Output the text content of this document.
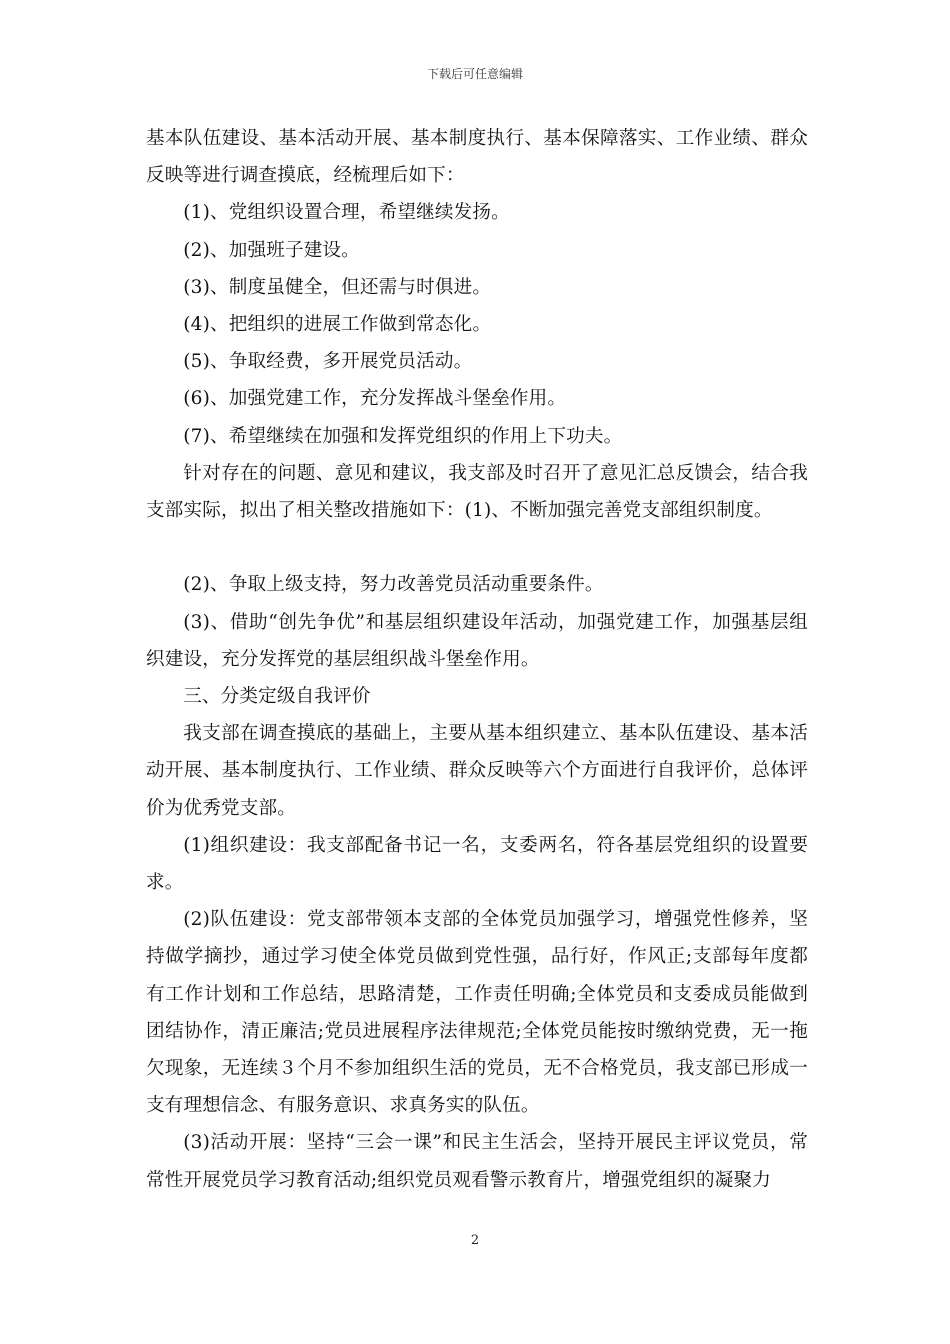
下载后可任意编辑

基本队伍建设、基本活动开展、基本制度执行、基本保障落实、工作业绩、群众反映等进行调查摸底，经梳理后如下：

(1)、党组织设置合理，希望继续发扬。

(2)、加强班子建设。

(3)、制度虽健全，但还需与时俱进。

(4)、把组织的进展工作做到常态化。

(5)、争取经费，多开展党员活动。

(6)、加强党建工作，充分发挥战斗堡垒作用。

(7)、希望继续在加强和发挥党组织的作用上下功夫。

针对存在的问题、意见和建议，我支部及时召开了意见汇总反馈会，结合我支部实际，拟出了相关整改措施如下：(1)、不断加强完善党支部组织制度。

(2)、争取上级支持，努力改善党员活动重要条件。

(3)、借助“创先争优”和基层组织建设年活动，加强党建工作，加强基层组织建设，充分发挥党的基层组织战斗堡垒作用。

三、分类定级自我评价

我支部在调查摸底的基础上，主要从基本组织建立、基本队伍建设、基本活动开展、基本制度执行、工作业绩、群众反映等六个方面进行自我评价，总体评价为优秀党支部。

(1)组织建设：我支部配备书记一名，支委两名，符各基层党组织的设置要求。

(2)队伍建设：党支部带领本支部的全体党员加强学习，增强党性修养，坚持做学摘抄，通过学习使全体党员做到党性强，品行好，作风正;支部每年度都有工作计划和工作总结，思路清楚，工作责任明确;全体党员和支委成员能做到团结协作，清正廉洁;党员进展程序法律规范;全体党员能按时缴纳党费，无一拖欠现象，无连续３个月不参加组织生活的党员，无不合格党员，我支部已形成一支有理想信念、有服务意识、求真务实的队伍。

(3)活动开展：坚持“三会一课”和民主生活会，坚持开展民主评议党员，常常性开展党员学习教育活动;组织党员观看警示教育片，增强党组织的凝聚力

2
